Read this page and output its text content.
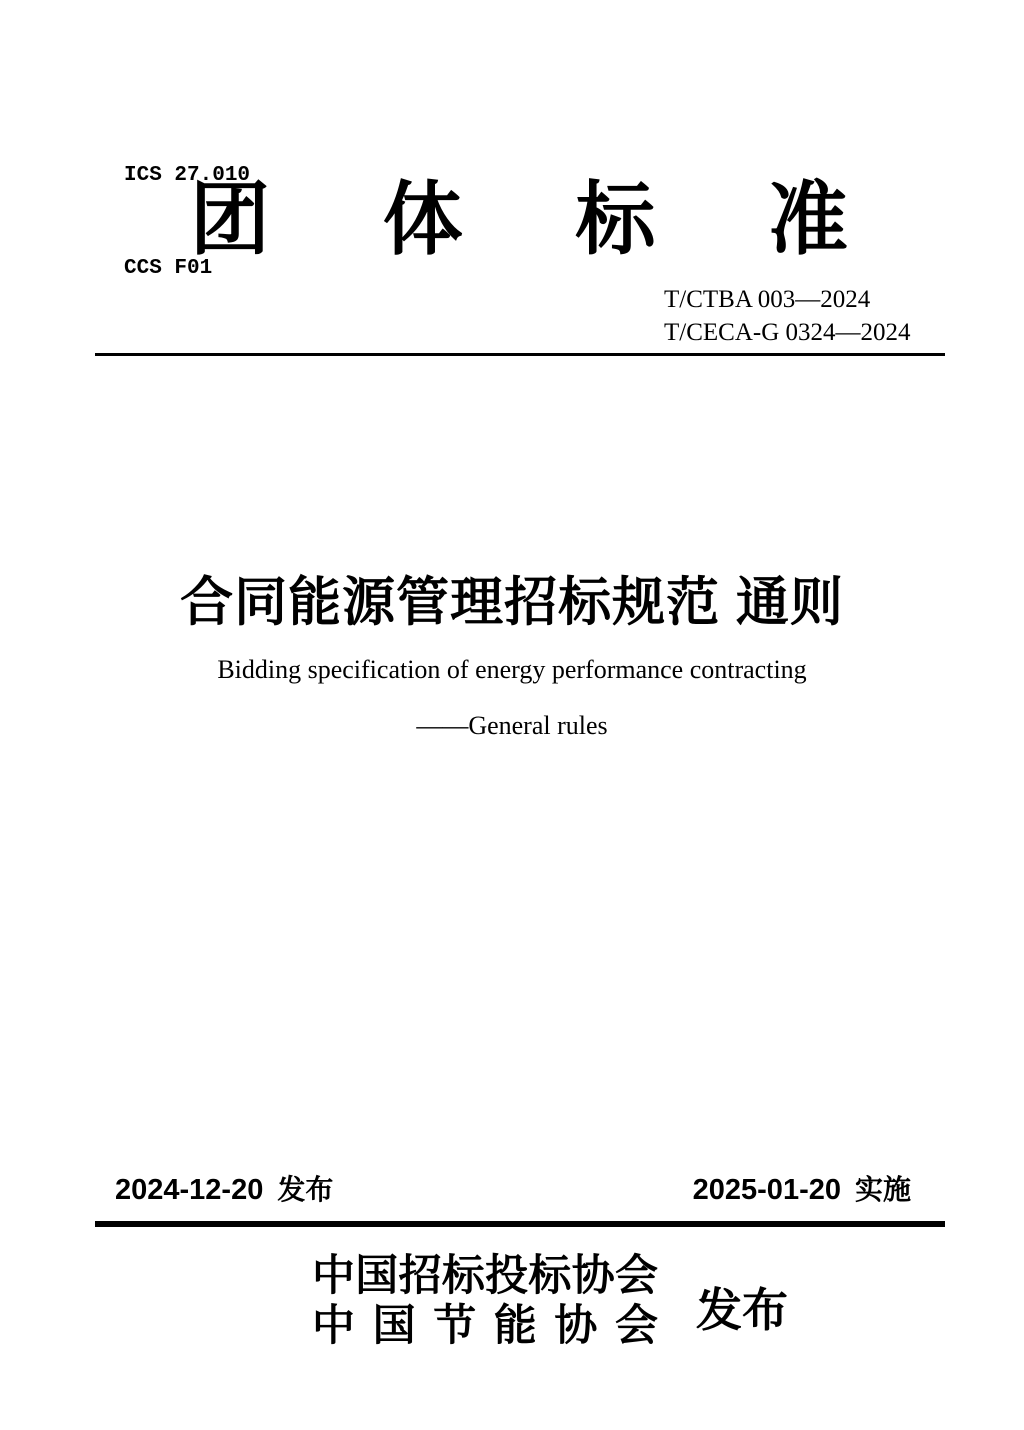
ICS 27.010

CCS F01

团体标准
T/CTBA 003—2024
T/CECA-G 0324—2024
合同能源管理招标规范 通则
Bidding specification of energy performance contracting
——General rules
2024-12-20 发布	2025-01-20 实施
中国招标投标协会
中国节能协会 发布
